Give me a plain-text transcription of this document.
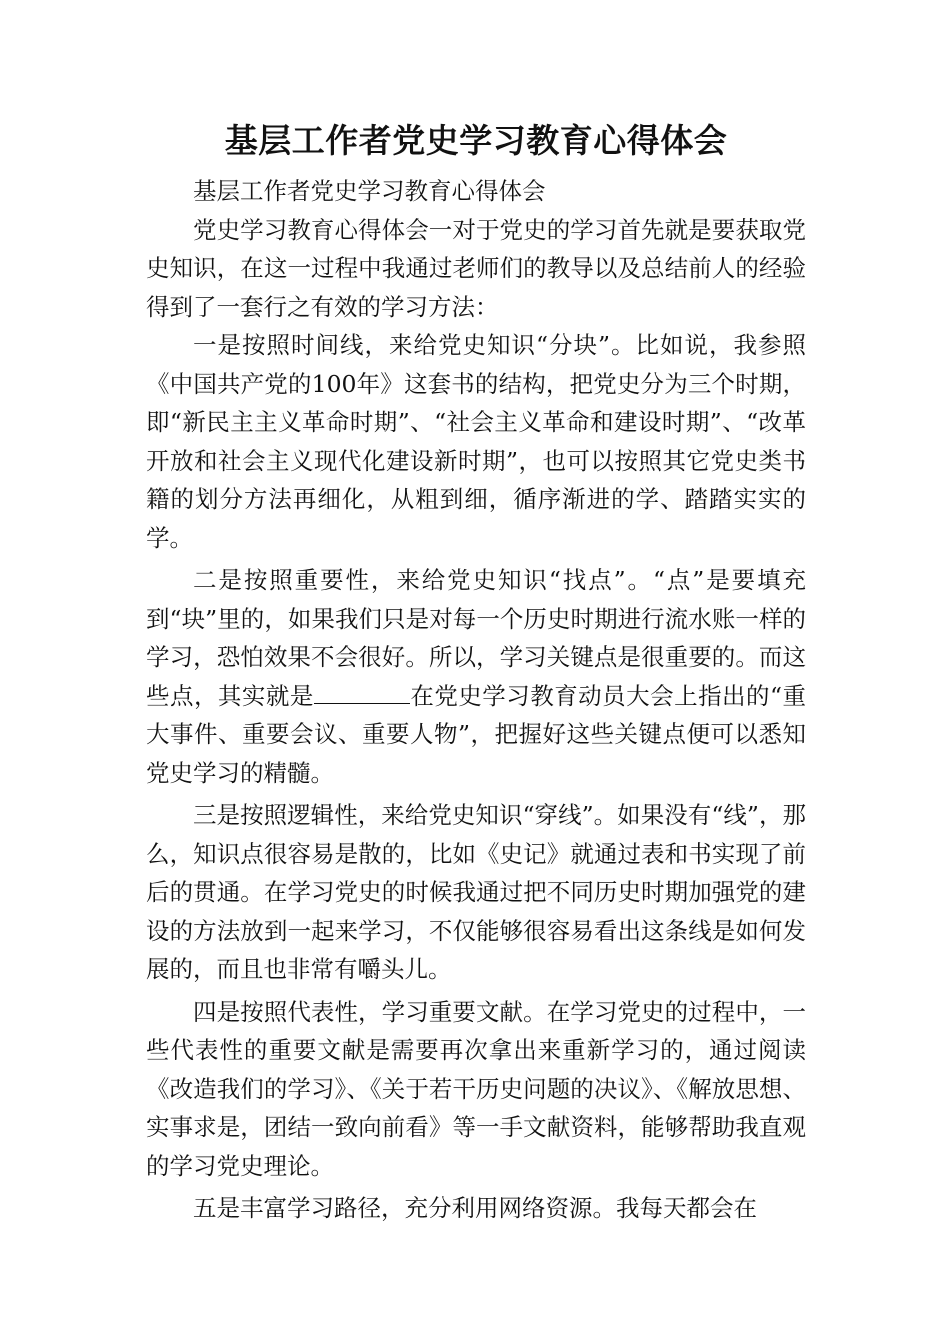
基层工作者党史学习教育心得体会

基层工作者党史学习教育心得体会

党史学习教育心得体会一对于党史的学习首先就是要获取党史知识，在这一过程中我通过老师们的教导以及总结前人的经验得到了一套行之有效的学习方法：

一是按照时间线，来给党史知识“分块”。比如说，我参照《中国共产党的100年》这套书的结构，把党史分为三个时期，即“新民主主义革命时期”、“社会主义革命和建设时期”、“改革开放和社会主义现代化建设新时期”，也可以按照其它党史类书籍的划分方法再细化，从粗到细，循序渐进的学、踏踏实实的学。

二是按照重要性，来给党史知识“找点”。“点”是要填充到“块”里的，如果我们只是对每一个历史时期进行流水账一样的学习，恐怕效果不会很好。所以，学习关键点是很重要的。而这些点，其实就是	在党史学习教育动员大会上指出的“重大事件、重要会议、重要人物”，把握好这些关键点便可以悉知党史学习的精髓。

三是按照逻辑性，来给党史知识“穿线”。如果没有“线”，那么，知识点很容易是散的，比如《史记》就通过表和书实现了前后的贯通。在学习党史的时候我通过把不同历史时期加强党的建设的方法放到一起来学习，不仅能够很容易看出这条线是如何发展的，而且也非常有嚼头儿。

四是按照代表性，学习重要文献。在学习党史的过程中，一些代表性的重要文献是需要再次拿出来重新学习的，通过阅读《改造我们的学习》、《关于若干历史问题的决议》、《解放思想、实事求是，团结一致向前看》等一手文献资料，能够帮助我直观的学习党史理论。

五是丰富学习路径，充分利用网络资源。我每天都会在
